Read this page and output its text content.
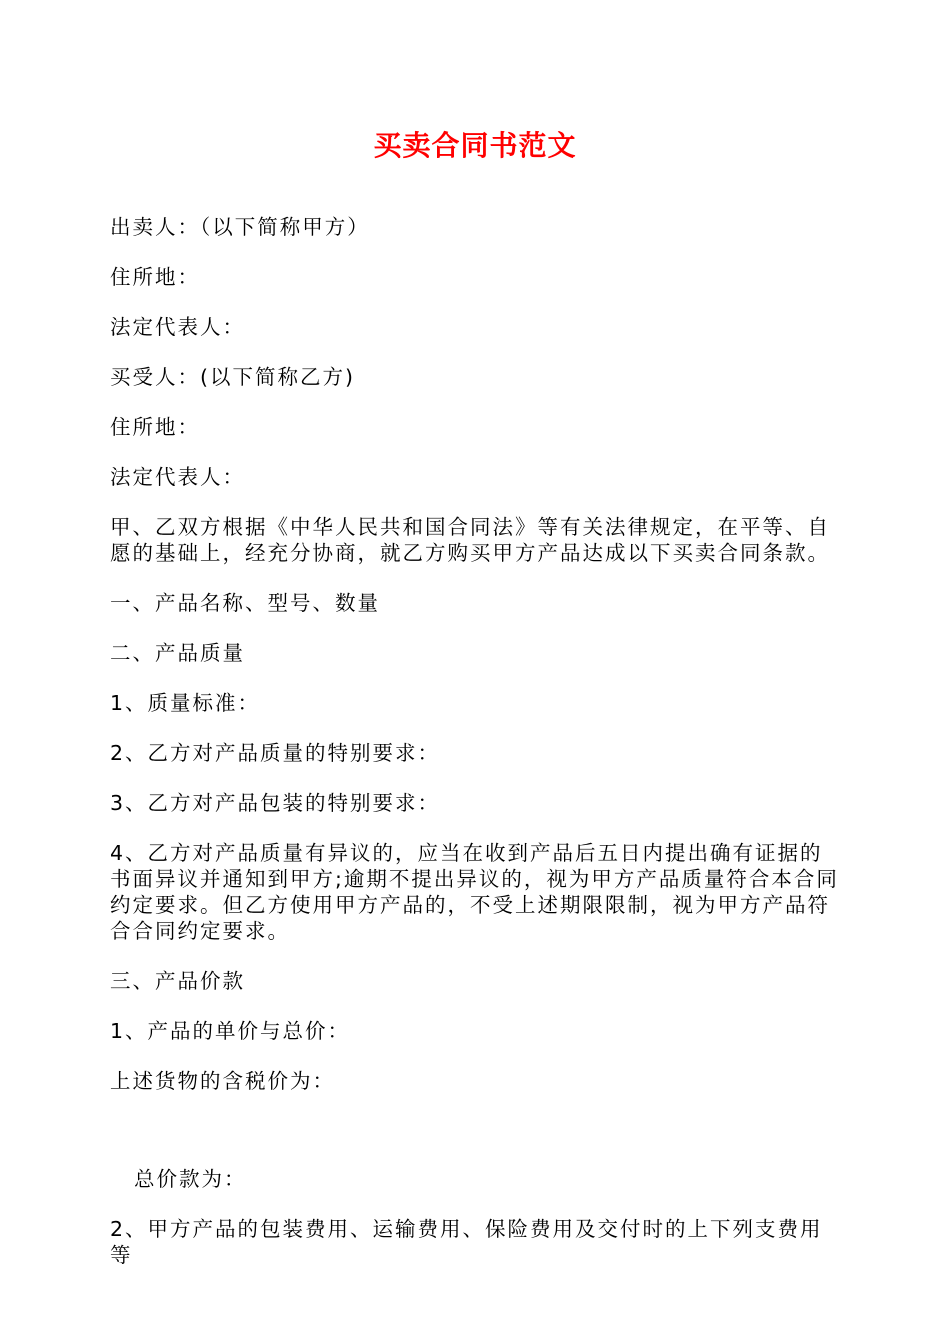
买卖合同书范文

出卖人：（以下简称甲方）

住所地：

法定代表人：

买受人：(以下简称乙方)

住所地：

法定代表人：

甲、乙双方根据《中华人民共和国合同法》等有关法律规定，在平等、自愿的基础上，经充分协商，就乙方购买甲方产品达成以下买卖合同条款。

一、产品名称、型号、数量

二、产品质量

1、质量标准：

2、乙方对产品质量的特别要求：

3、乙方对产品包装的特别要求：

4、乙方对产品质量有异议的，应当在收到产品后五日内提出确有证据的书面异议并通知到甲方;逾期不提出异议的，视为甲方产品质量符合本合同约定要求。但乙方使用甲方产品的，不受上述期限限制，视为甲方产品符合合同约定要求。

三、产品价款

1、产品的单价与总价：

上述货物的含税价为：

总价款为：

2、甲方产品的包装费用、运输费用、保险费用及交付时的上下列支费用等
